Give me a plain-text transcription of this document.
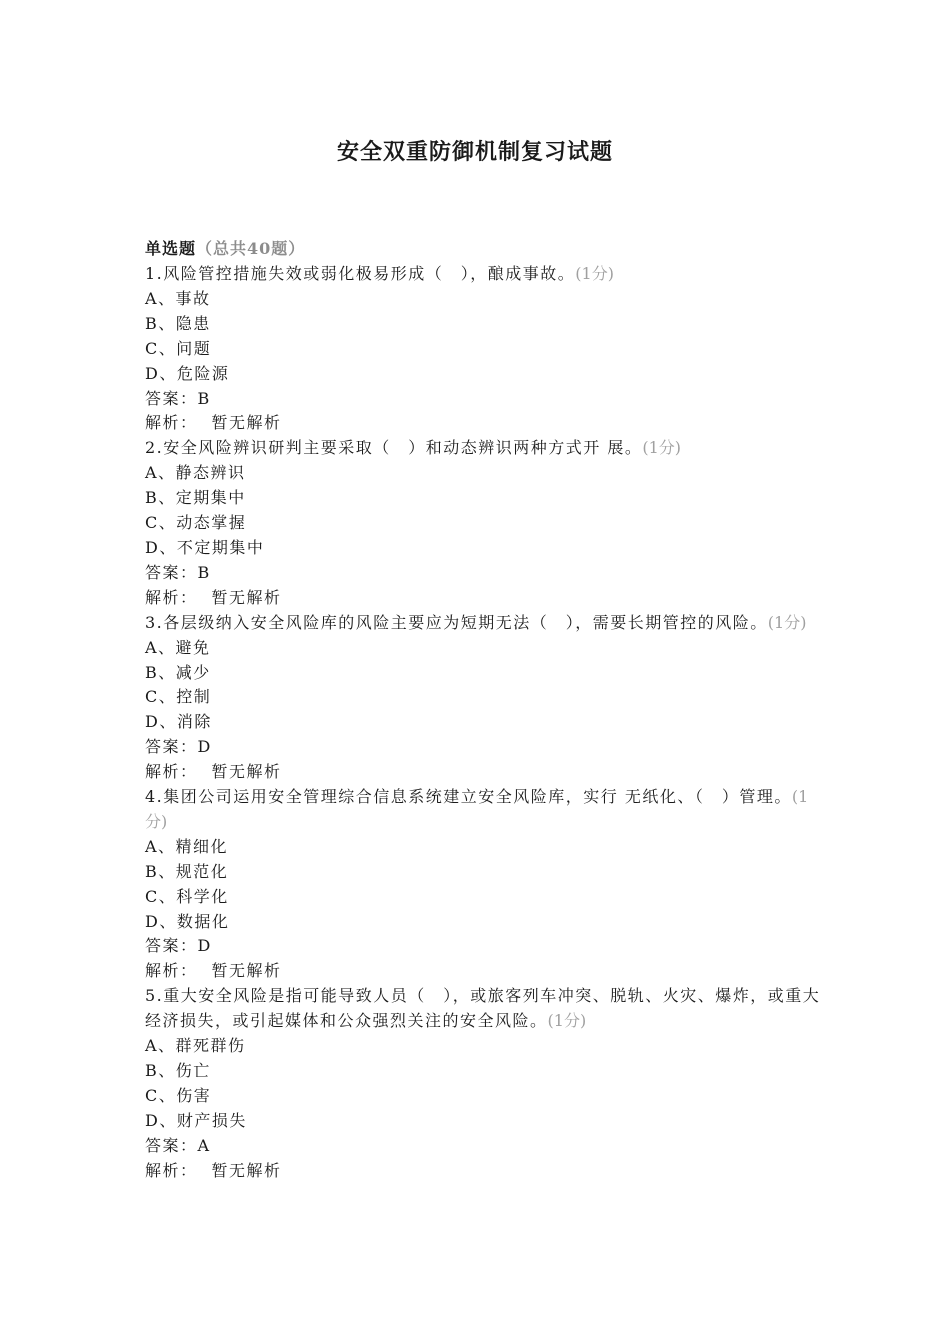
安全双重防御机制复习试题
单选题（总共40题）
1.风险管控措施失效或弱化极易形成（　），酿成事故。(1分)
A、事故
B、隐患
C、问题
D、危险源
答案：B
解析： 暂无解析
2.安全风险辨识研判主要采取（　）和动态辨识两种方式开 展。(1分)
A、静态辨识
B、定期集中
C、动态掌握
D、不定期集中
答案：B
解析： 暂无解析
3.各层级纳入安全风险库的风险主要应为短期无法（　），需要长期管控的风险。(1分)
A、避免
B、减少
C、控制
D、消除
答案：D
解析： 暂无解析
4.集团公司运用安全管理综合信息系统建立安全风险库，实行 无纸化、（　）管理。(1分)
A、精细化
B、规范化
C、科学化
D、数据化
答案：D
解析： 暂无解析
5.重大安全风险是指可能导致人员（　），或旅客列车冲突、脱轨、火灾、爆炸，或重大经济损失，或引起媒体和公众强烈关注的安全风险。(1分)
A、群死群伤
B、伤亡
C、伤害
D、财产损失
答案：A
解析： 暂无解析
